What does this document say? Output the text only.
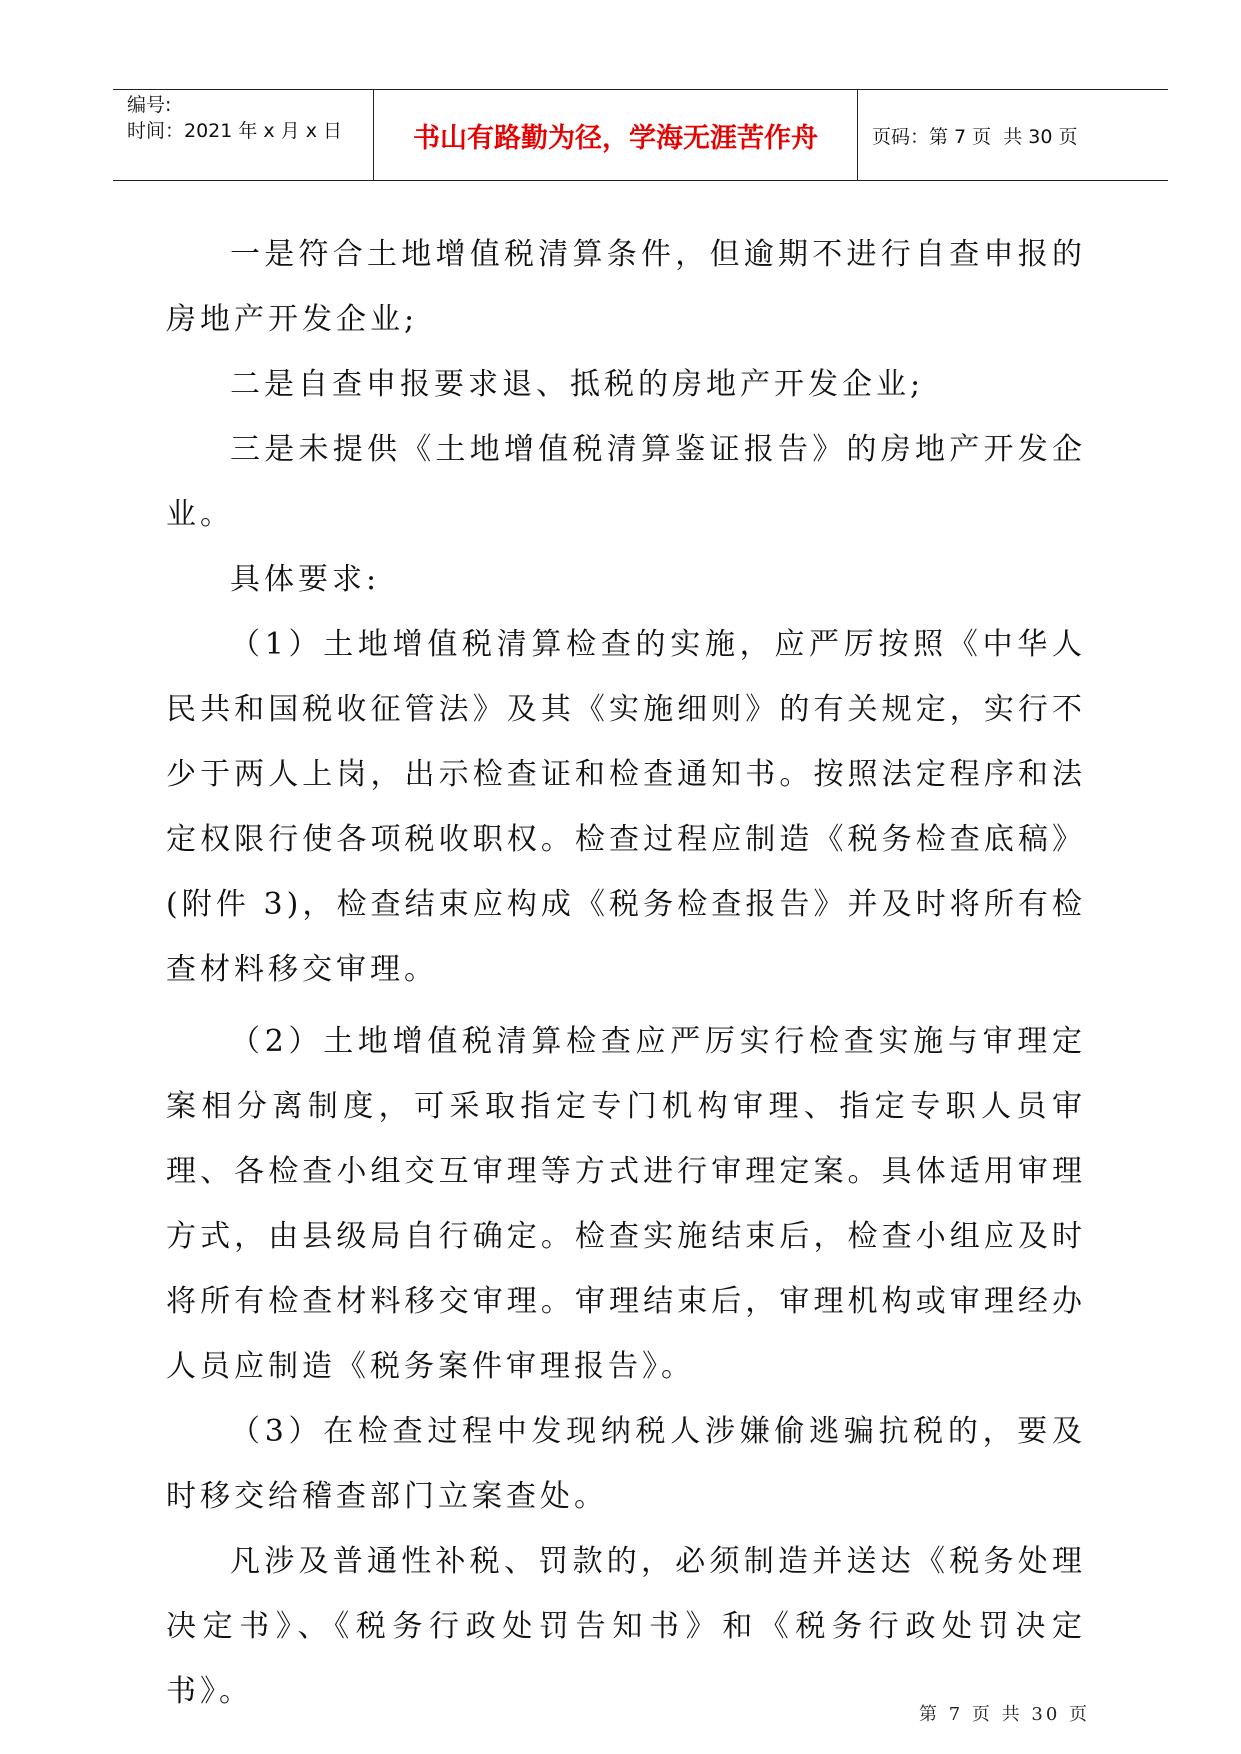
编号:
时间：2021 年 x 月 x 日	书山有路勤为径，学海无涯苦作舟	页码：第 7 页  共 30 页

一是符合土地增值税清算条件，但逾期不进行自查申报的房地产开发企业;

二是自查申报要求退、抵税的房地产开发企业;

三是未提供《土地增值税清算鉴证报告》的房地产开发企业。

具体要求:

（1）土地增值税清算检查的实施，应严厉按照《中华人民共和国税收征管法》及其《实施细则》的有关规定，实行不少于两人上岗，出示检查证和检查通知书。按照法定程序和法定权限行使各项税收职权。检查过程应制造《税务检查底稿》(附件 3)，检查结束应构成《税务检查报告》并及时将所有检查材料移交审理。

（2）土地增值税清算检查应严厉实行检查实施与审理定案相分离制度，可采取指定专门机构审理、指定专职人员审理、各检查小组交互审理等方式进行审理定案。具体适用审理方式，由县级局自行确定。检查实施结束后，检查小组应及时将所有检查材料移交审理。审理结束后，审理机构或审理经办人员应制造《税务案件审理报告》。

（3）在检查过程中发现纳税人涉嫌偷逃骗抗税的，要及时移交给稽查部门立案查处。

凡涉及普通性补税、罚款的，必须制造并送达《税务处理决定书》、《税务行政处罚告知书》和《税务行政处罚决定书》。

第 7 页 共 30 页
